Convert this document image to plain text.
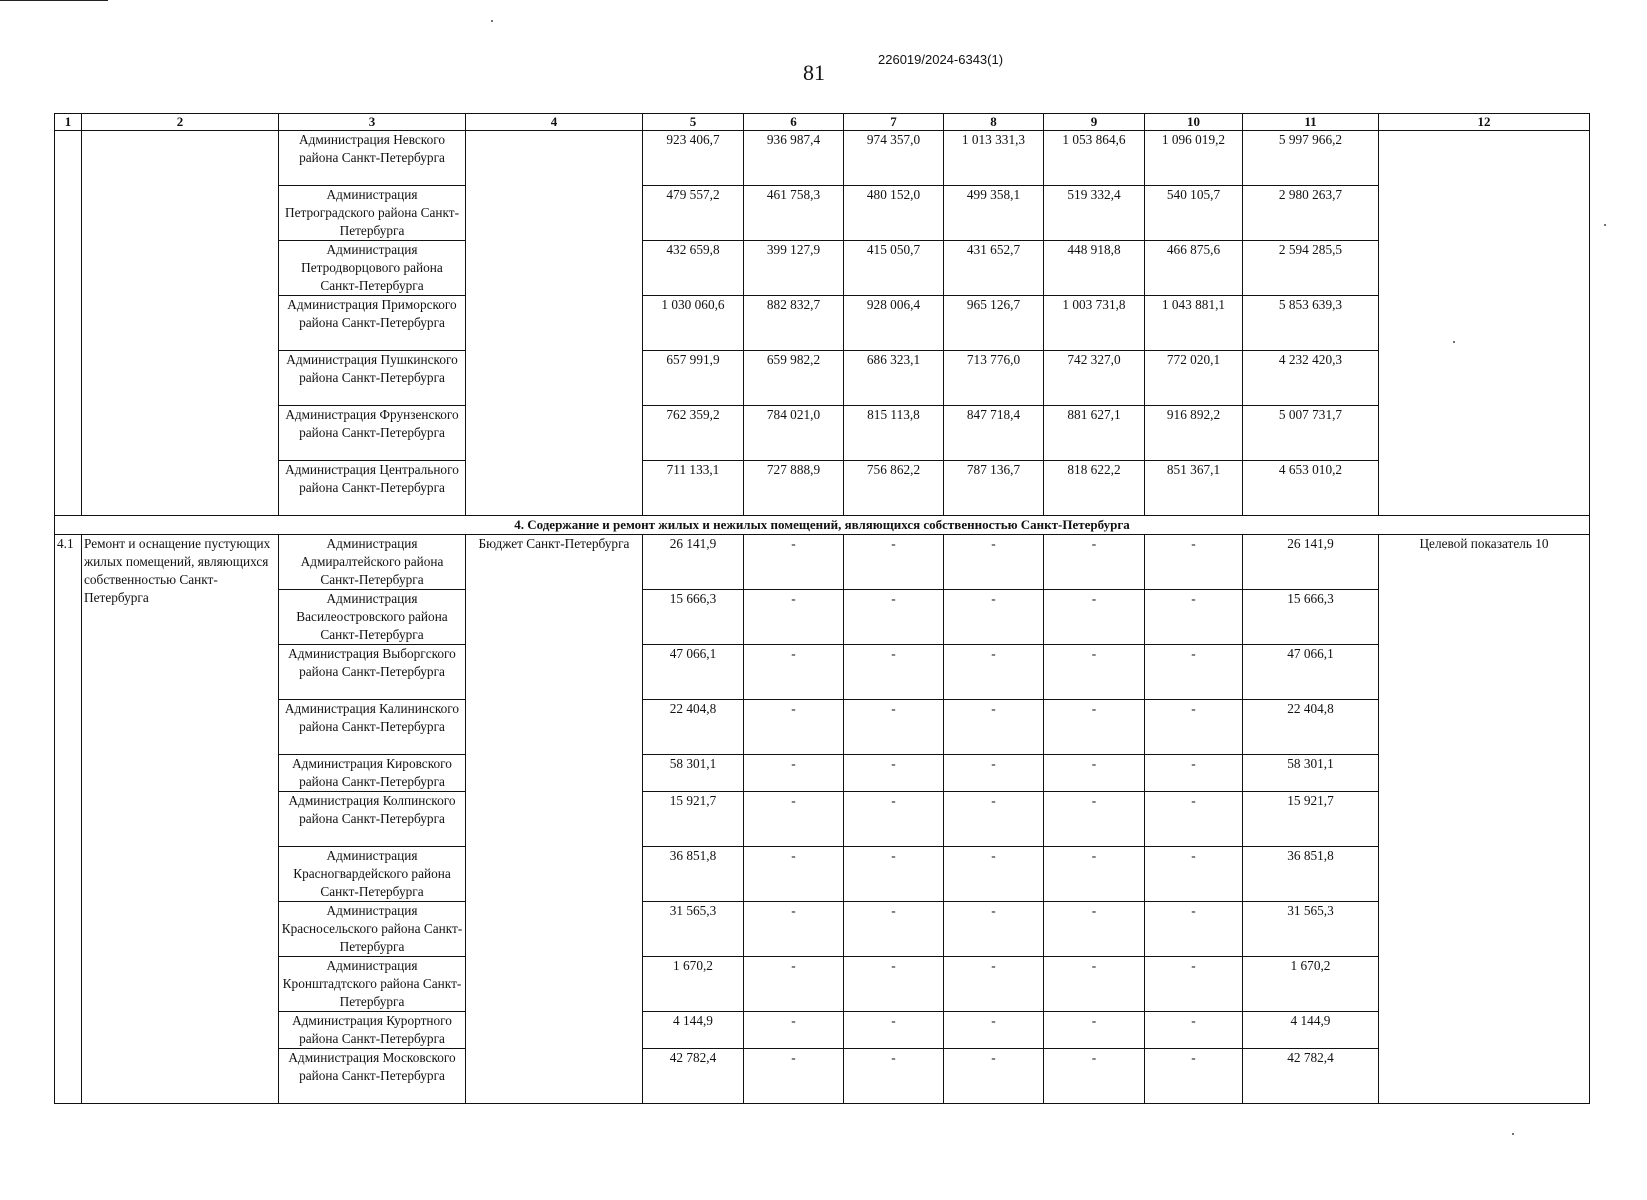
81
226019/2024-6343(1)
1	2	3	4	5	6	7	8	9	10	11	12
		Администрация Невского района Санкт-Петербурга		923 406,7	936 987,4	974 357,0	1 013 331,3	1 053 864,6	1 096 019,2	5 997 966,2	
		Администрация Петроградского района Санкт-Петербурга		479 557,2	461 758,3	480 152,0	499 358,1	519 332,4	540 105,7	2 980 263,7	
		Администрация Петродворцового района Санкт-Петербурга		432 659,8	399 127,9	415 050,7	431 652,7	448 918,8	466 875,6	2 594 285,5	
		Администрация Приморского района Санкт-Петербурга		1 030 060,6	882 832,7	928 006,4	965 126,7	1 003 731,8	1 043 881,1	5 853 639,3	
		Администрация Пушкинского района Санкт-Петербурга		657 991,9	659 982,2	686 323,1	713 776,0	742 327,0	772 020,1	4 232 420,3	
		Администрация Фрунзенского района Санкт-Петербурга		762 359,2	784 021,0	815 113,8	847 718,4	881 627,1	916 892,2	5 007 731,7	
		Администрация Центрального района Санкт-Петербурга		711 133,1	727 888,9	756 862,2	787 136,7	818 622,2	851 367,1	4 653 010,2	
4. Содержание и ремонт жилых и нежилых помещений, являющихся собственностью Санкт-Петербурга											
4.1	Ремонт и оснащение пустующих жилых помещений, являющихся собственностью Санкт-Петербурга	Администрация Адмиралтейского района Санкт-Петербурга	Бюджет Санкт-Петербурга	26 141,9	-	-	-	-	-	26 141,9	Целевой показатель 10
		Администрация Василеостровского района Санкт-Петербурга		15 666,3	-	-	-	-	-	15 666,3	
		Администрация Выборгского района Санкт-Петербурга		47 066,1	-	-	-	-	-	47 066,1	
		Администрация Калининского района Санкт-Петербурга		22 404,8	-	-	-	-	-	22 404,8	
		Администрация Кировского района Санкт-Петербурга		58 301,1	-	-	-	-	-	58 301,1	
		Администрация Колпинского района Санкт-Петербурга		15 921,7	-	-	-	-	-	15 921,7	
		Администрация Красногвардейского района Санкт-Петербурга		36 851,8	-	-	-	-	-	36 851,8	
		Администрация Красносельского района Санкт-Петербурга		31 565,3	-	-	-	-	-	31 565,3	
		Администрация Кронштадтского района Санкт-Петербурга		1 670,2	-	-	-	-	-	1 670,2	
		Администрация Курортного района Санкт-Петербурга		4 144,9	-	-	-	-	-	4 144,9	
		Администрация Московского района Санкт-Петербурга		42 782,4	-	-	-	-	-	42 782,4	
